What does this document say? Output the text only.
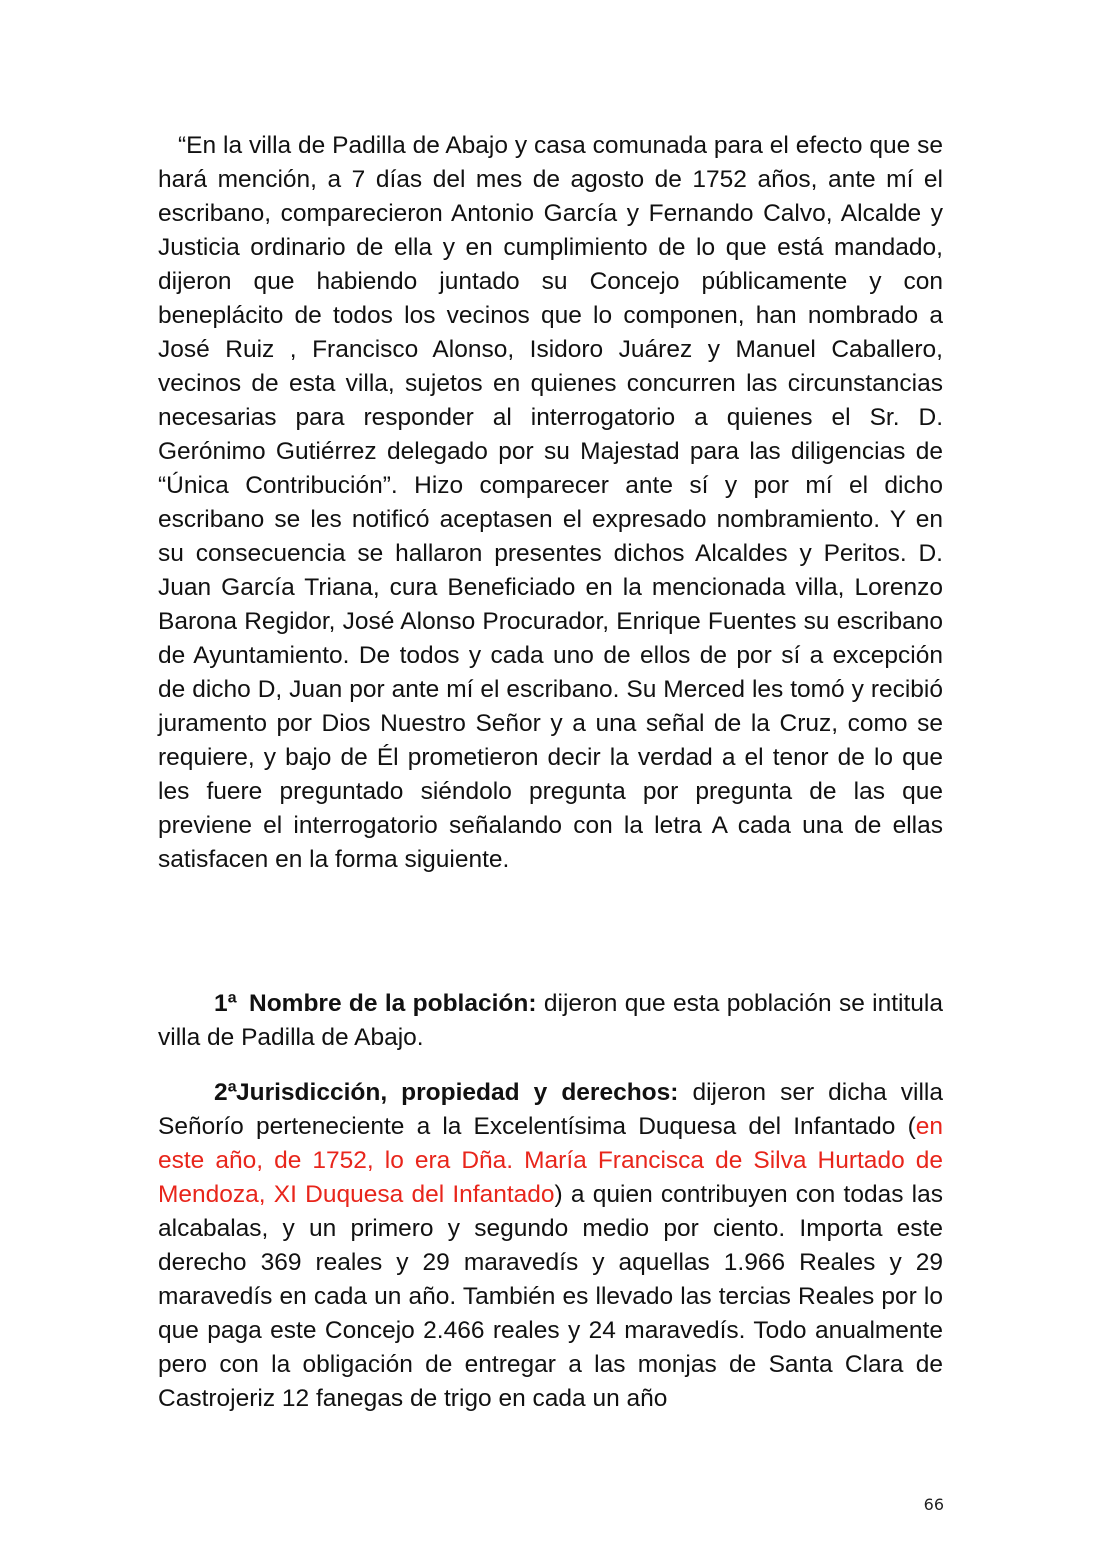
“En la villa de Padilla de Abajo y casa comunada para el efecto que se hará mención, a 7 días del mes de agosto de 1752 años, ante mí el escribano, comparecieron Antonio García y Fernando Calvo, Alcalde y Justicia ordinario de ella y en cumplimiento de lo que está mandado, dijeron que habiendo juntado su Concejo públicamente y con beneplácito de todos los vecinos que lo componen, han nombrado a José Ruiz , Francisco Alonso, Isidoro Juárez y Manuel Caballero, vecinos de esta villa, sujetos en quienes concurren las circunstancias necesarias para responder al interrogatorio a quienes el Sr. D. Gerónimo Gutiérrez delegado por su Majestad para las diligencias de “Única Contribución”. Hizo comparecer ante sí y por mí el dicho escribano se les notificó aceptasen el expresado nombramiento. Y en su consecuencia se hallaron presentes dichos Alcaldes y Peritos. D. Juan García Triana, cura Beneficiado en la mencionada villa, Lorenzo Barona Regidor, José Alonso Procurador, Enrique Fuentes su escribano de Ayuntamiento. De todos y cada uno de ellos de por sí a excepción de dicho D, Juan por ante mí el escribano. Su Merced les tomó y recibió juramento por Dios Nuestro Señor y a una señal de la Cruz, como se requiere, y bajo de Él prometieron decir la verdad a el tenor de lo que les fuere preguntado siéndolo pregunta por pregunta de las que previene el interrogatorio señalando con la letra A cada una de ellas satisfacen en la forma siguiente.

1ª Nombre de la población: dijeron que esta población se intitula villa de Padilla de Abajo.

2ªJurisdicción, propiedad y derechos: dijeron ser dicha villa Señorío perteneciente a la Excelentísima Duquesa del Infantado (en este año, de 1752, lo era Dña. María Francisca de Silva Hurtado de Mendoza, XI Duquesa del Infantado) a quien contribuyen con todas las alcabalas, y un primero y segundo medio por ciento. Importa este derecho 369 reales y 29 maravedís y aquellas 1.966 Reales y 29 maravedís en cada un año. También es llevado las tercias Reales por lo que paga este Concejo 2.466 reales y 24 maravedís. Todo anualmente pero con la obligación de entregar a las monjas de Santa Clara de Castrojeriz 12 fanegas de trigo en cada un año

66
